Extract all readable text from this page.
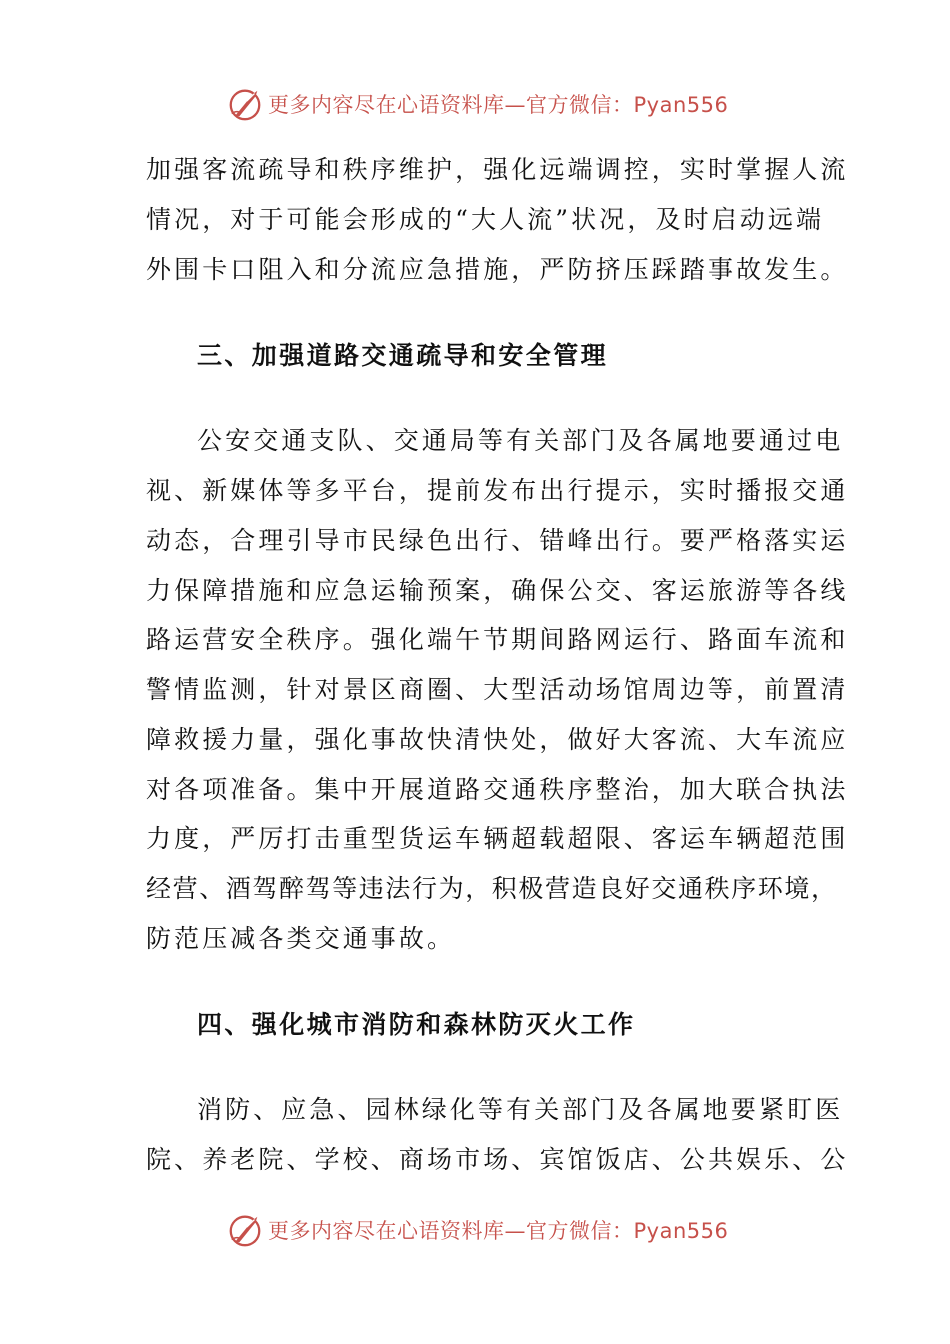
更多内容尽在心语资料库—官方微信：Pyan556
加强客流疏导和秩序维护，强化远端调控，实时掌握人流
情况，对于可能会形成的“大人流”状况，及时启动远端
外围卡口阻入和分流应急措施，严防挤压踩踏事故发生。
三、加强道路交通疏导和安全管理
公安交通支队、交通局等有关部门及各属地要通过电
视、新媒体等多平台，提前发布出行提示，实时播报交通
动态，合理引导市民绿色出行、错峰出行。要严格落实运
力保障措施和应急运输预案，确保公交、客运旅游等各线
路运营安全秩序。强化端午节期间路网运行、路面车流和
警情监测，针对景区商圈、大型活动场馆周边等，前置清
障救援力量，强化事故快清快处，做好大客流、大车流应
对各项准备。集中开展道路交通秩序整治，加大联合执法
力度，严厉打击重型货运车辆超载超限、客运车辆超范围
经营、酒驾醉驾等违法行为，积极营造良好交通秩序环境，
防范压减各类交通事故。
四、强化城市消防和森林防灭火工作
消防、应急、园林绿化等有关部门及各属地要紧盯医
院、养老院、学校、商场市场、宾馆饭店、公共娱乐、公
更多内容尽在心语资料库—官方微信：Pyan556
